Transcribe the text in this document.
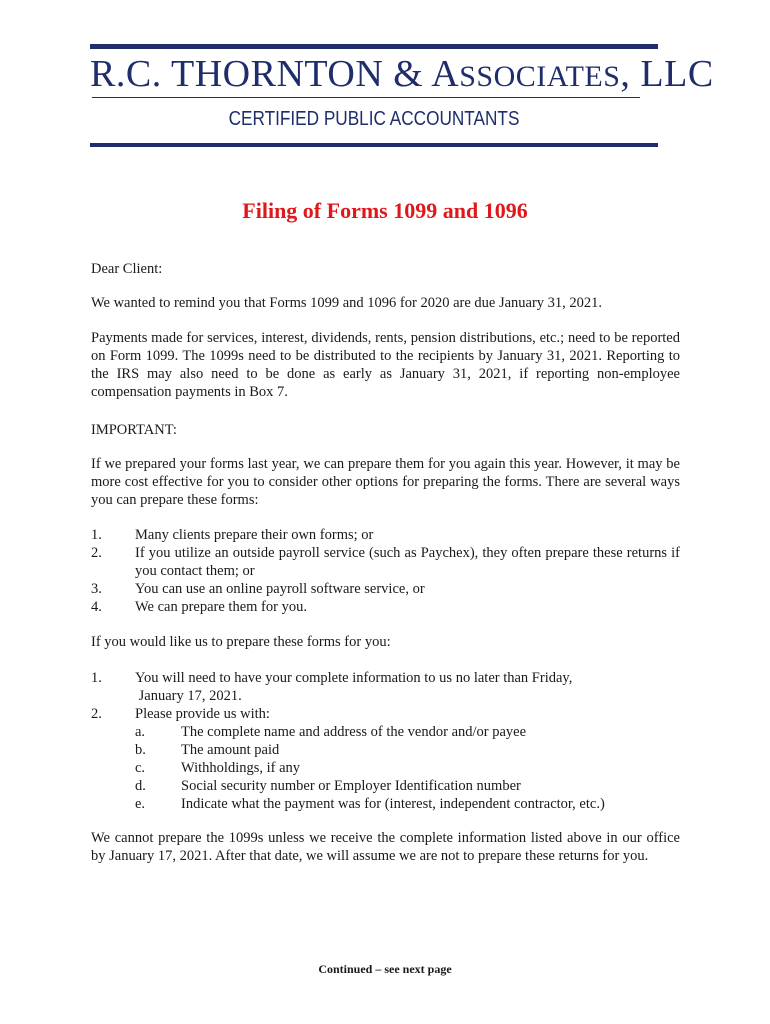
R.C. THORNTON & ASSOCIATES, LLC
CERTIFIED PUBLIC ACCOUNTANTS
Filing of Forms 1099 and 1096
Dear Client:
We wanted to remind you that Forms 1099 and 1096 for 2020 are due January 31, 2021.
Payments made for services, interest, dividends, rents, pension distributions, etc.; need to be reported on Form 1099. The 1099s need to be distributed to the recipients by January 31, 2021. Reporting to the IRS may also need to be done as early as January 31, 2021, if reporting non-employee compensation payments in Box 7.
IMPORTANT:
If we prepared your forms last year, we can prepare them for you again this year. However, it may be more cost effective for you to consider other options for preparing the forms. There are several ways you can prepare these forms:
1. Many clients prepare their own forms; or
2. If you utilize an outside payroll service (such as Paychex), they often prepare these returns if you contact them; or
3. You can use an online payroll software service, or
4. We can prepare them for you.
If you would like us to prepare these forms for you:
1. You will need to have your complete information to us no later than Friday,
January 17, 2021.
2. Please provide us with:
a. The complete name and address of the vendor and/or payee
b. The amount paid
c. Withholdings, if any
d. Social security number or Employer Identification number
e. Indicate what the payment was for (interest, independent contractor, etc.)
We cannot prepare the 1099s unless we receive the complete information listed above in our office by January 17, 2021. After that date, we will assume we are not to prepare these returns for you.
Continued – see next page
